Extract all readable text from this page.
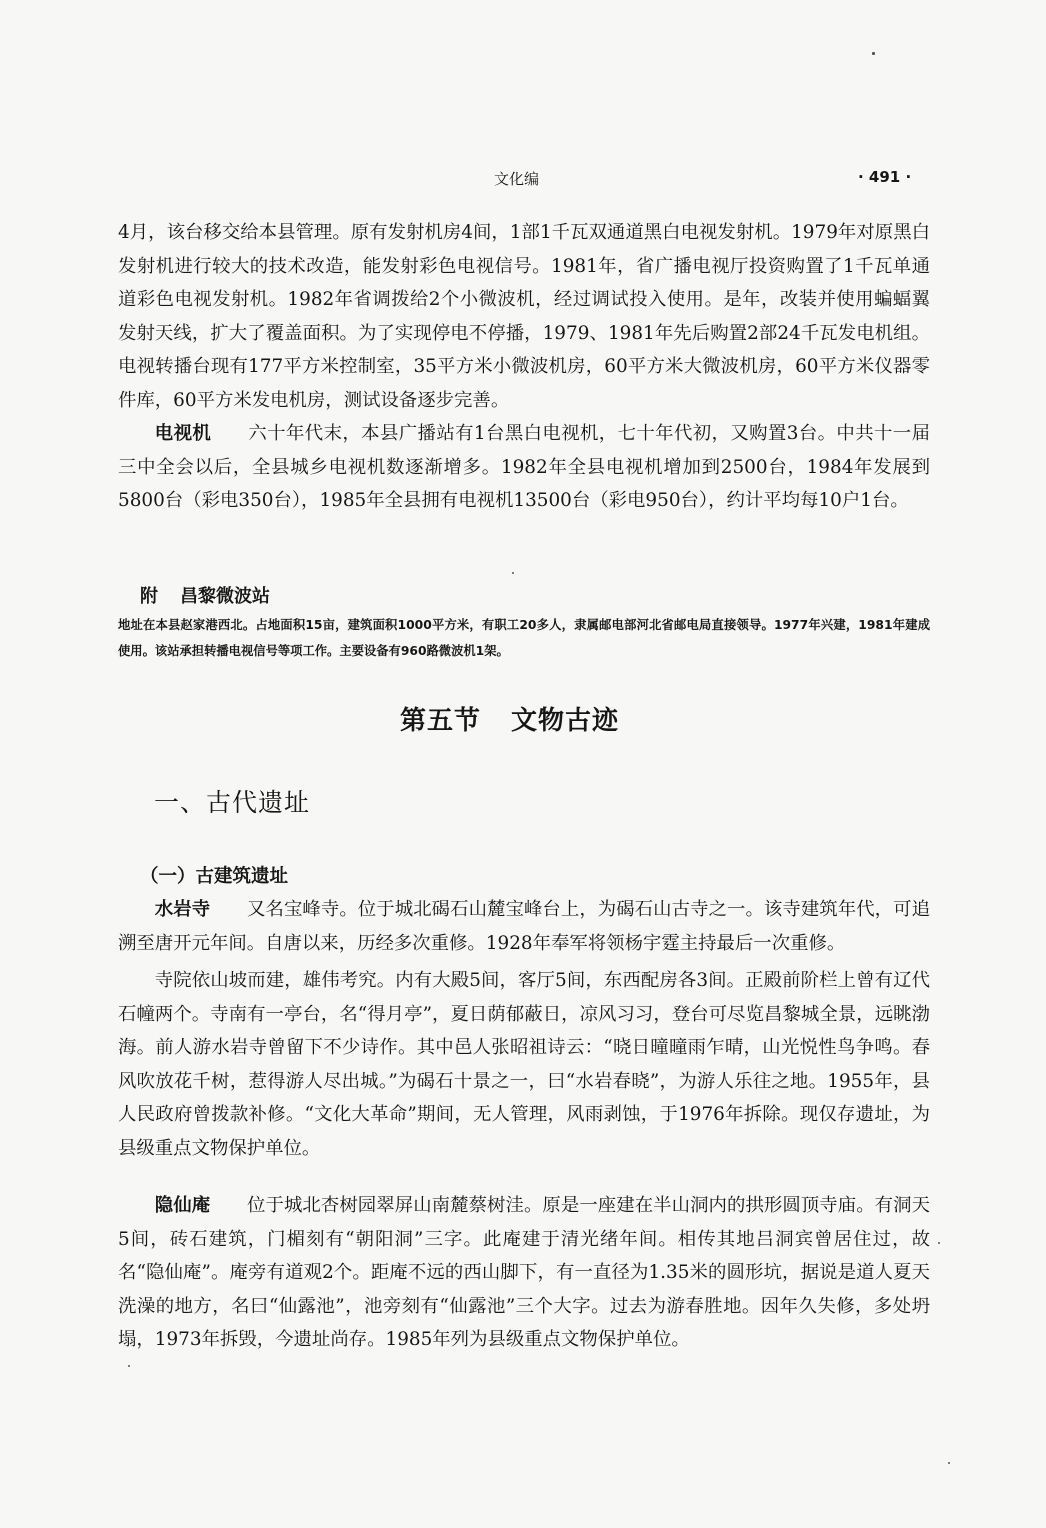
文化编	· 491 ·

4月，该台移交给本县管理。原有发射机房4间，1部1千瓦双通道黑白电视发射机。1979年对原黑白发射机进行较大的技术改造，能发射彩色电视信号。1981年，省广播电视厅投资购置了1千瓦单通道彩色电视发射机。1982年省调拨给2个小微波机，经过调试投入使用。是年，改装并使用蝙蝠翼发射天线，扩大了覆盖面积。为了实现停电不停播，1979、1981年先后购置2部24千瓦发电机组。电视转播台现有177平方米控制室，35平方米小微波机房，60平方米大微波机房，60平方米仪器零件库，60平方米发电机房，测试设备逐步完善。

电视机 六十年代末，本县广播站有1台黑白电视机，七十年代初，又购置3台。中共十一届三中全会以后，全县城乡电视机数逐渐增多。1982年全县电视机增加到2500台，1984年发展到5800台（彩电350台），1985年全县拥有电视机13500台（彩电950台），约计平均每10户1台。

附 昌黎微波站

地址在本县赵家港西北。占地面积15亩，建筑面积1000平方米，有职工20多人，隶属邮电部河北省邮电局直接领导。1977年兴建，1981年建成使用。该站承担转播电视信号等项工作。主要设备有960路微波机1架。

第五节 文物古迹
一、古代遗址
（一）古建筑遗址

水岩寺 又名宝峰寺。位于城北碣石山麓宝峰台上，为碣石山古寺之一。该寺建筑年代，可追溯至唐开元年间。自唐以来，历经多次重修。1928年奉军将领杨宇霆主持最后一次重修。

寺院依山坡而建，雄伟考究。内有大殿5间，客厅5间，东西配房各3间。正殿前阶栏上曾有辽代石幢两个。寺南有一亭台，名“得月亭”，夏日荫郁蔽日，凉风习习，登台可尽览昌黎城全景，远眺渤海。前人游水岩寺曾留下不少诗作。其中邑人张昭祖诗云：“晓日曈曈雨乍晴，山光悦性鸟争鸣。春风吹放花千树，惹得游人尽出城。”为碣石十景之一，曰“水岩春晓”，为游人乐往之地。1955年，县人民政府曾拨款补修。“文化大革命”期间，无人管理，风雨剥蚀，于1976年拆除。现仅存遗址，为县级重点文物保护单位。

隐仙庵 位于城北杏树园翠屏山南麓蔡树洼。原是一座建在半山洞内的拱形圆顶寺庙。有洞天5间，砖石建筑，门楣刻有“朝阳洞”三字。此庵建于清光绪年间。相传其地吕洞宾曾居住过，故名“隐仙庵”。庵旁有道观2个。距庵不远的西山脚下，有一直径为1.35米的圆形坑，据说是道人夏天洗澡的地方，名曰“仙露池”，池旁刻有“仙露池”三个大字。过去为游春胜地。因年久失修，多处坍塌，1973年拆毁，今遗址尚存。1985年列为县级重点文物保护单位。
